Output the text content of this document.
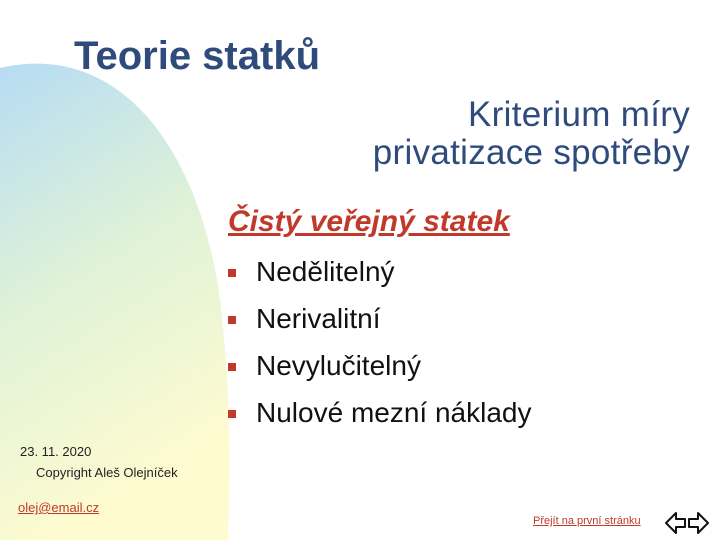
Teorie statků
Kriterium míry
privatizace spotřeby
Čistý veřejný statek
Nedělitelný
Nerivalitní
Nevylučitelný
Nulové mezní náklady
23. 11. 2020
Copyright Aleš Olejníček
olej@email.cz
Přejít na první stránku
